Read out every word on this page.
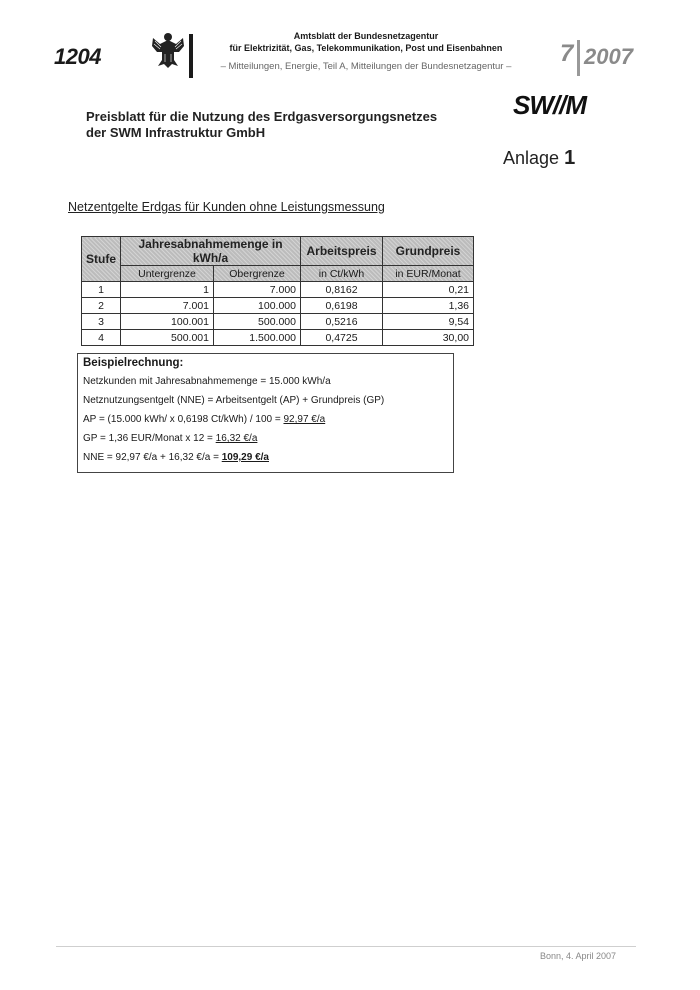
1204
Amtsblatt der Bundesnetzagentur
für Elektrizität, Gas, Telekommunikation, Post und Eisenbahnen
– Mitteilungen, Energie, Teil A, Mitteilungen der Bundesnetzagentur –	7 2007
SW//M
Anlage 1
Preisblatt für die Nutzung des Erdgasversorgungsnetzes
der SWM Infrastruktur GmbH
Netzentgelte Erdgas für Kunden ohne Leistungsmessung
Stufe	Jahresabnahmemenge in kWh/a		Arbeitspreis	Grundpreis
	Untergrenze	Obergrenze	in Ct/kWh	in EUR/Monat
1	1	7.000	0,8162	0,21
2	7.001	100.000	0,6198	1,36
3	100.001	500.000	0,5216	9,54
4	500.001	1.500.000	0,4725	30,00
Beispielrechnung:
Netzkunden mit Jahresabnahmemenge = 15.000 kWh/a
Netznutzungsentgelt (NNE) = Arbeitsentgelt (AP) + Grundpreis (GP)
AP = (15.000 kWh/ x 0,6198 Ct/kWh) / 100 = 92,97 €/a
GP = 1,36 EUR/Monat x 12 = 16,32 €/a
NNE = 92,97 €/a + 16,32 €/a = 109,29 €/a
Bonn, 4. April 2007
